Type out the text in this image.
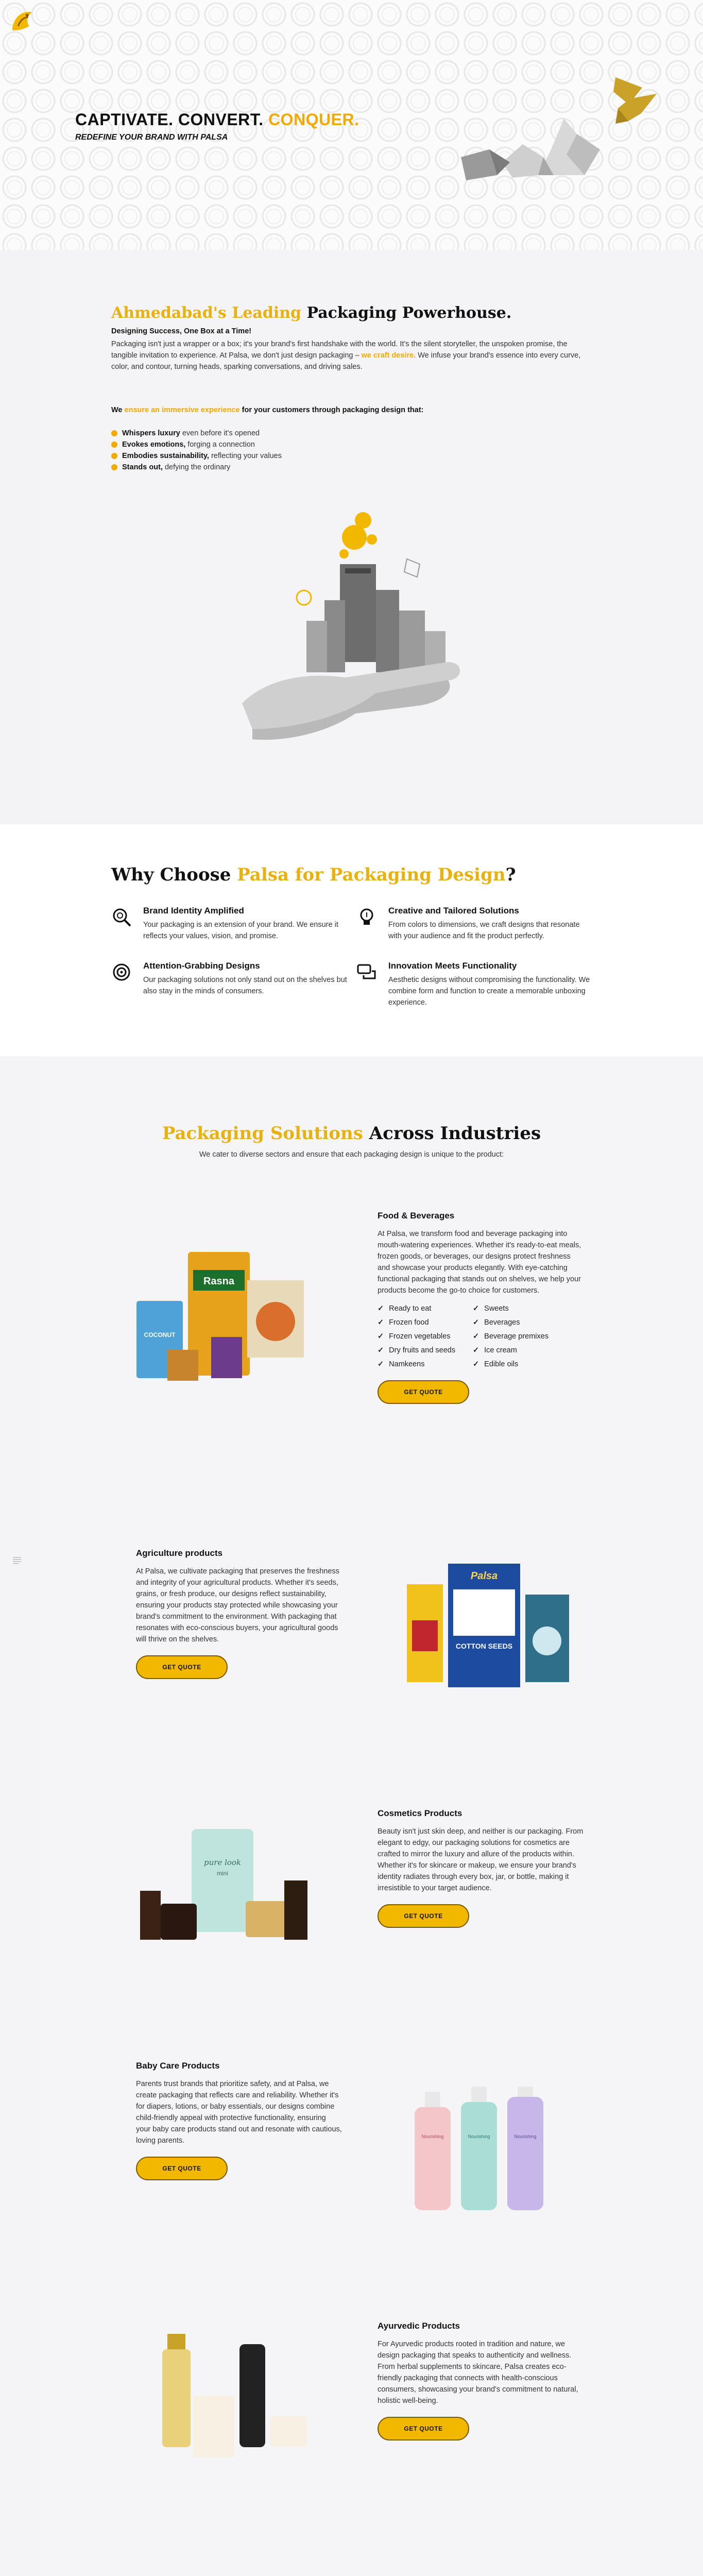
CAPTIVATE. CONVERT. CONQUER.
REDEFINE YOUR BRAND WITH PALSA
Ahmedabad's Leading Packaging Powerhouse.
Designing Success, One Box at a Time!
Packaging isn't just a wrapper or a box; it's your brand's first handshake with the world. It's the silent storyteller, the unspoken promise, the tangible invitation to experience. At Palsa, we don't just design packaging – we craft desire. We infuse your brand's essence into every curve, color, and contour, turning heads, sparking conversations, and driving sales.
We ensure an immersive experience for your customers through packaging design that:
Whispers luxury even before it's opened
Evokes emotions, forging a connection
Embodies sustainability, reflecting your values
Stands out, defying the ordinary
Why Choose Palsa for Packaging Design?
Brand Identity Amplified

Your packaging is an extension of your brand. We ensure it reflects your values, vision, and promise.

Creative and Tailored Solutions

From colors to dimensions, we craft designs that resonate with your audience and fit the product perfectly.

Attention-Grabbing Designs

Our packaging solutions not only stand out on the shelves but also stay in the minds of consumers.

Innovation Meets Functionality

Aesthetic designs without compromising the functionality. We combine form and function to create a memorable unboxing experience.

Packaging Solutions Across Industries
We cater to diverse sectors and ensure that each packaging design is unique to the product:
Food & Beverages

At Palsa, we transform food and beverage packaging into mouth-watering experiences. Whether it's ready-to-eat meals, frozen goods, or beverages, our designs protect freshness and showcase your products elegantly. With eye-catching functional packaging that stands out on shelves, we help your products become the go-to choice for customers.

✓ Ready to eat	✓ Sweets
✓ Frozen food	✓ Beverages
✓ Frozen vegetables	✓ Beverage premixes
✓ Dry fruits and seeds ✓ Ice cream
✓ Namkeens	✓ Edible oils
GET QUOTE
Rasna
COCONUT
Agriculture products

At Palsa, we cultivate packaging that preserves the freshness and integrity of your agricultural products. Whether it's seeds, grains, or fresh produce, our designs reflect sustainability, ensuring your products stay protected while showcasing your brand's commitment to the environment. With packaging that resonates with eco-conscious buyers, your agricultural goods will thrive on the shelves.

GET QUOTE
Palsa
COTTON SEEDS
Cosmetics Products

Beauty isn't just skin deep, and neither is our packaging. From elegant to edgy, our packaging solutions for cosmetics are crafted to mirror the luxury and allure of the products within. Whether it's for skincare or makeup, we ensure your brand's identity radiates through every box, jar, or bottle, making it irresistible to your target audience.

GET QUOTE
pure look
mini
Baby Care Products

Parents trust brands that prioritize safety, and at Palsa, we create packaging that reflects care and reliability. Whether it's for diapers, lotions, or baby essentials, our designs combine child-friendly appeal with protective functionality, ensuring your baby care products stand out and resonate with cautious, loving parents.

GET QUOTE
Nourishing	Nourishing	Nourishing
Ayurvedic Products

For Ayurvedic products rooted in tradition and nature, we design packaging that speaks to authenticity and wellness. From herbal supplements to skincare, Palsa creates eco-friendly packaging that connects with health-conscious consumers, showcasing your brand's commitment to natural, holistic well-being.

GET QUOTE
